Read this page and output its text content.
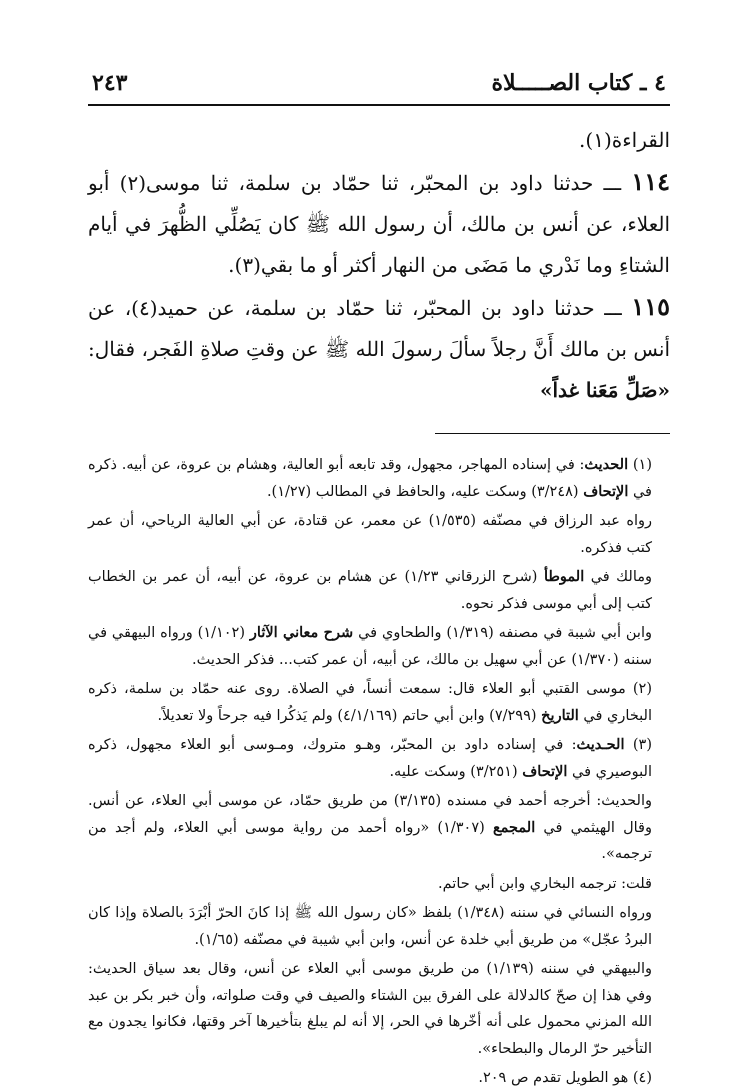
٤ ـ كتاب الصـــــلاة
٢٤٣

القراءة(١).

١١٤ ـــ حدثنا داود بن المحبّر، ثنا حمّاد بن سلمة، ثنا موسى(٢) أبو العلاء، عن أنس بن مالك، أن رسول الله ﷺ كان يَصُلِّي الظُّهرَ في أيام الشتاءِ وما نَدْري ما مَضَى من النهار أكثر أو ما بقي(٣).

١١٥ ـــ حدثنا داود بن المحبّر، ثنا حمّاد بن سلمة، عن حميد(٤)، عن أنس بن مالك أَنَّ رجلاً سألَ رسولَ الله ﷺ عن وقتِ صلاةِ الفَجر، فقال: «صَلِّ مَعَنا غداً»

(١) الحديث: في إسناده المهاجر، مجهول، وقد تابعه أبو العالية، وهشام بن عروة، عن أبيه. ذكره في الإتحاف (٣/٢٤٨) وسكت عليه، والحافظ في المطالب (١/٢٧).

رواه عبد الرزاق في مصنّفه (١/٥٣٥) عن معمر، عن قتادة، عن أبي العالية الرياحي، أن عمر كتب فذكره.

ومالك في الموطأ (شرح الزرقاني ١/٢٣) عن هشام بن عروة، عن أبيه، أن عمر بن الخطاب كتب إلى أبي موسى فذكر نحوه.

وابن أبي شيبة في مصنفه (١/٣١٩) والطحاوي في شرح معاني الآثار (١/١٠٢) ورواه البيهقي في سننه (١/٣٧٠) عن أبي سهيل بن مالك، عن أبيه، أن عمر كتب... فذكر الحديث.

(٢) موسى القتبي أبو العلاء قال: سمعت أنساً، في الصلاة. روى عنه حمّاد بن سلمة، ذكره البخاري في التاريخ (٧/٢٩٩) وابن أبي حاتم (٤/١/١٦٩) ولم يَذكُرا فيه جرحاً ولا تعديلاً.

(٣) الحـديث: في إسناده داود بن المحبّر، وهـو متروك، ومـوسى أبو العلاء مجهول، ذكره البوصيري في الإتحاف (٣/٢٥١) وسكت عليه.

والحديث: أخرجه أحمد في مسنده (٣/١٣٥) من طريق حمّاد، عن موسى أبي العلاء، عن أنس. وقال الهيثمي في المجمع (١/٣٠٧) «رواه أحمد من رواية موسى أبي العلاء، ولم أجد من ترجمه».

قلت: ترجمه البخاري وابن أبي حاتم.

ورواه النسائي في سننه (١/٣٤٨) بلفظ «كان رسول الله ﷺ إذا كانَ الحرّ أبْرَدَ بالصلاة وإذا كان البردُ عجّل» من طريق أبي خلدة عن أنس، وابن أبي شيبة في مصنّفه (١/٦٥).

والبيهقي في سننه (١/١٣٩) من طريق موسى أبي العلاء عن أنس، وقال بعد سياق الحديث: وفي هذا إن صحّ كالدلالة على الفرق بين الشتاء والصيف في وقت صلواته، وأن خبر بكر بن عبد الله المزني محمول على أنه أخّرها في الحر، إلا أنه لم يبلغ بتأخيرها آخر وقتها، فكانوا يجدون مع التأخير حرّ الرمال والبطحاء».

(٤) هو الطويل تقدم ص ٢٠٩.
